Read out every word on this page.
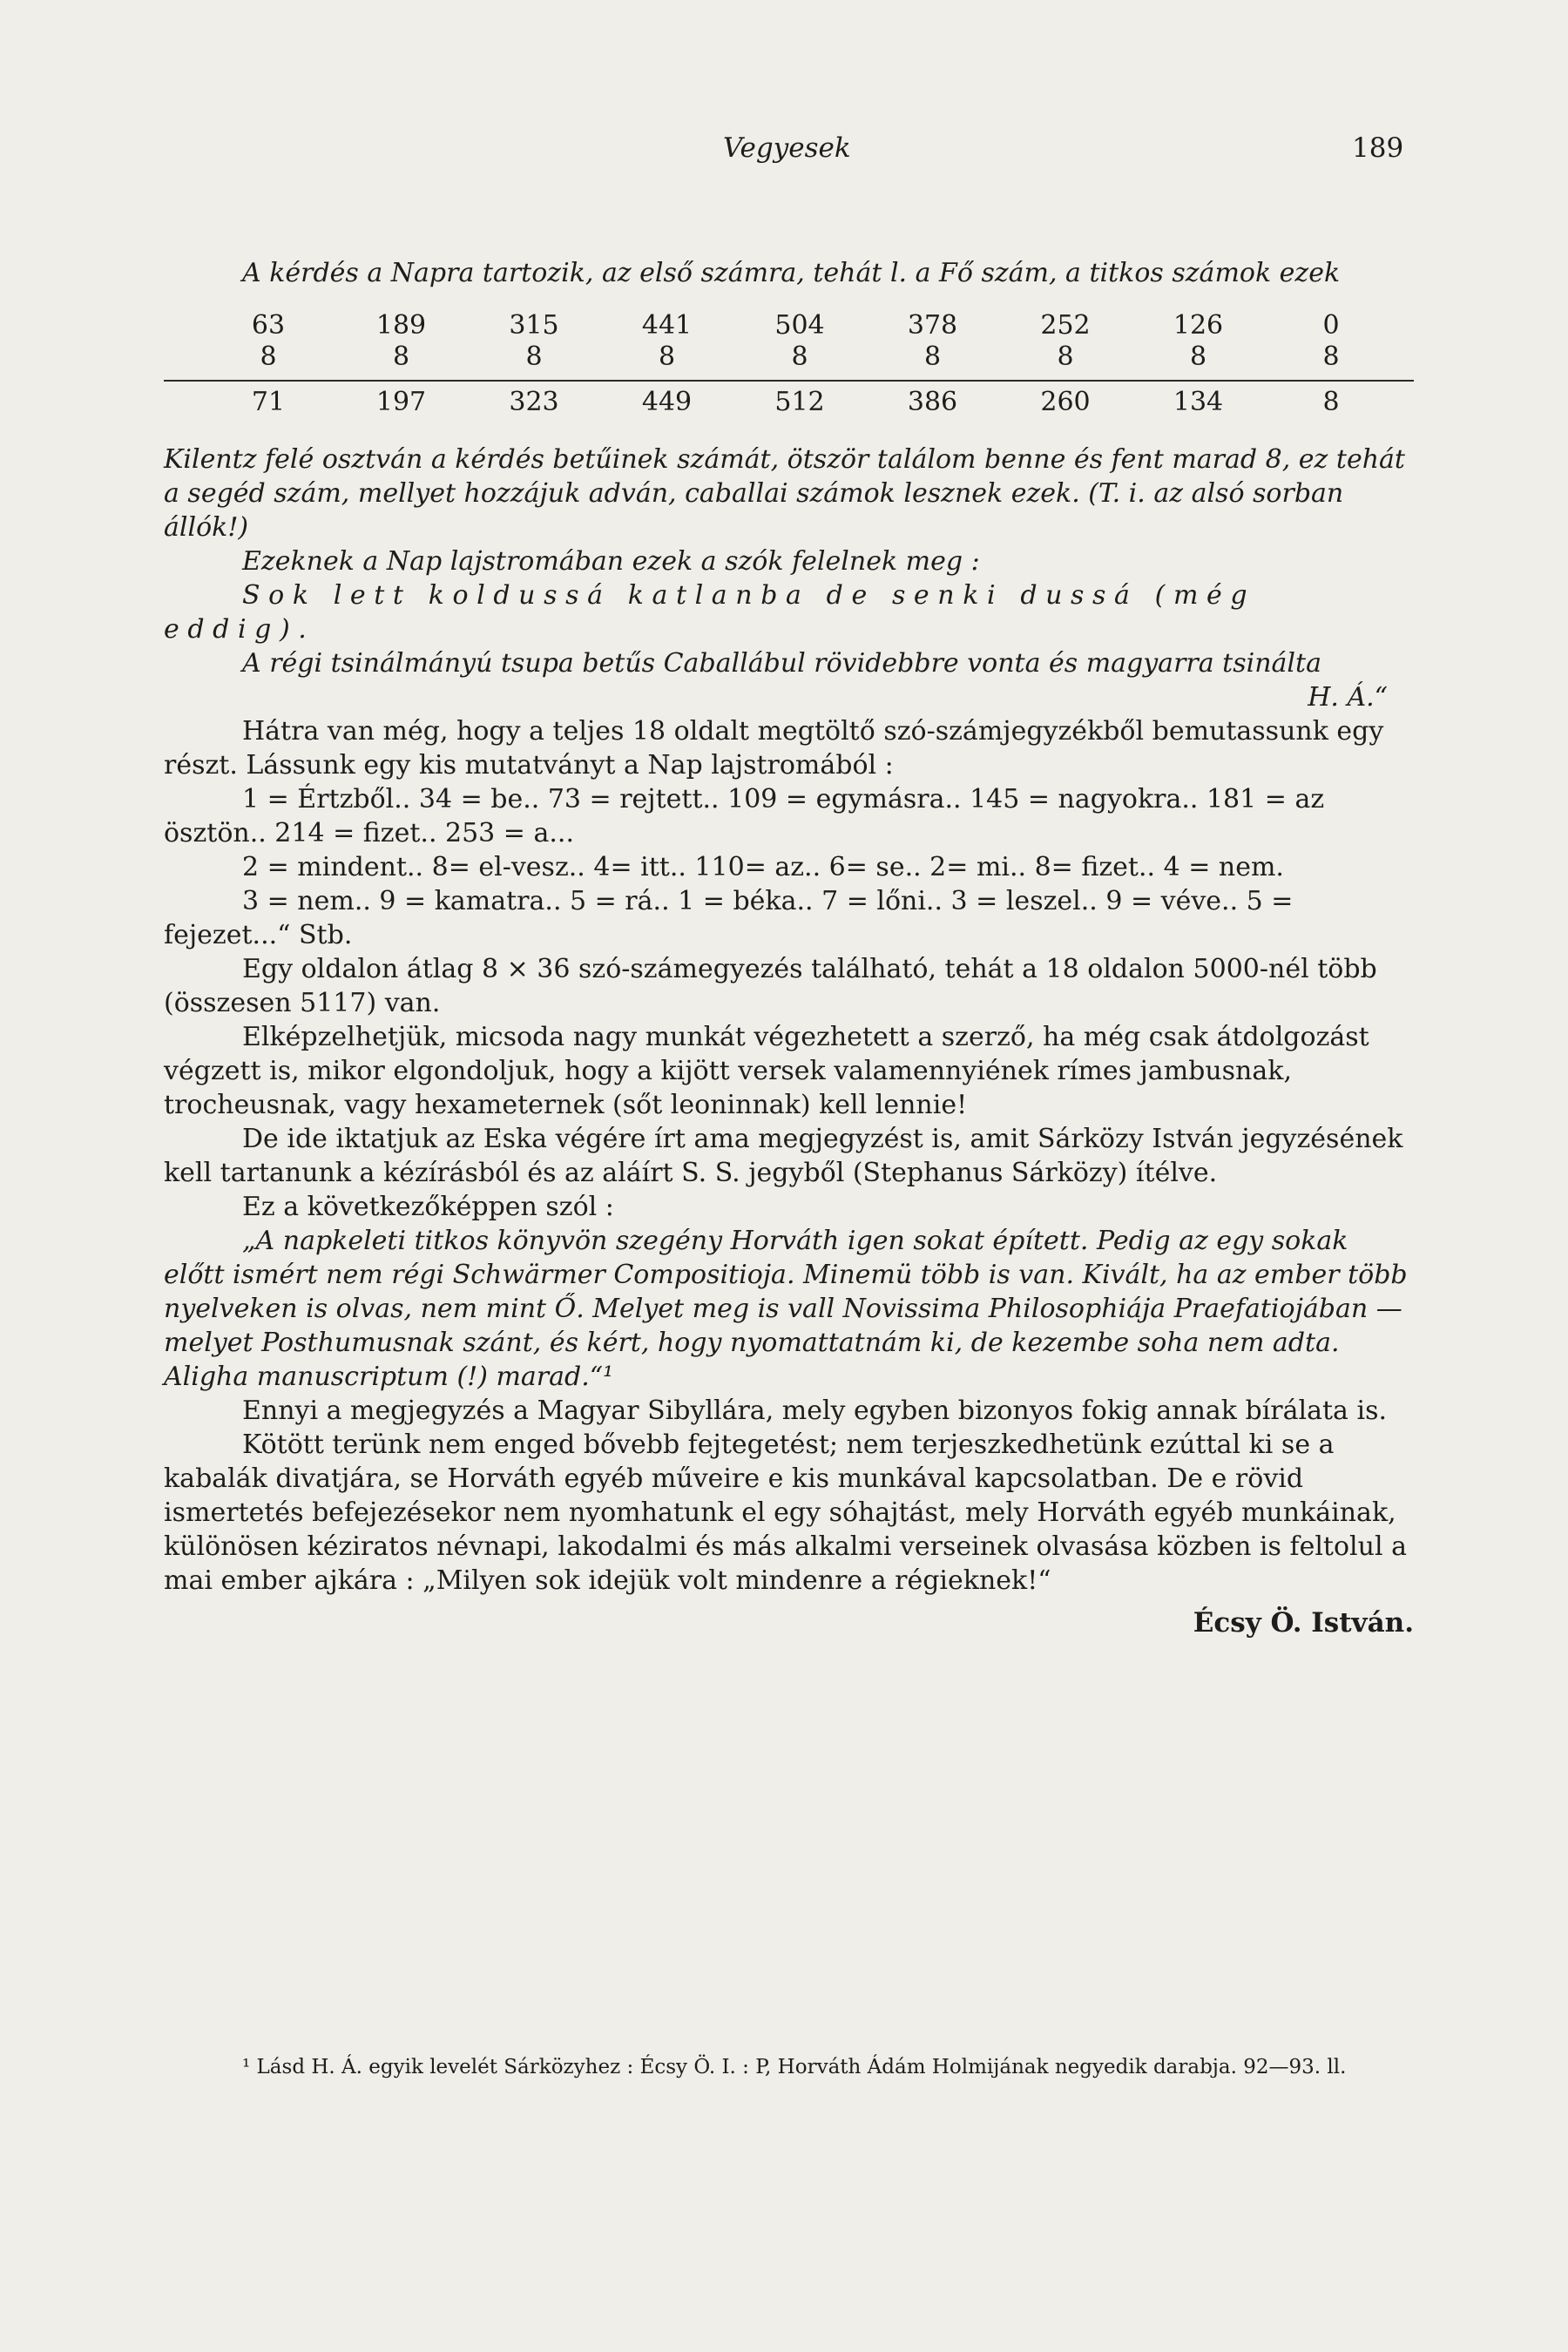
Vegyesek	189

A kérdés a Napra tartozik, az első számra, tehát l. a Fő szám, a titkos számok ezek

63	189	315	441	504	378	252	126	0
8	8	8	8	8	8	8	8	8
71	197	323	449	512	386	260	134	8

Kilentz felé osztván a kérdés betűinek számát, ötször találom benne és fent marad 8, ez tehát a segéd szám, mellyet hozzájuk adván, caballai számok lesznek ezek. (T. i. az alsó sorban állók!)

Ezeknek a Nap lajstromában ezek a szók felelnek meg :

Sok lett koldussá katlanba de senki dussá (még eddig).

A régi tsinálmányú tsupa betűs Caballábul rövidebbre vonta és magyarra tsinálta

H. Á.“

Hátra van még, hogy a teljes 18 oldalt megtöltő szó-számjegyzékből bemutassunk egy részt. Lássunk egy kis mutatványt a Nap lajstromából :

1 = Értzből.. 34 = be.. 73 = rejtett.. 109 = egymásra.. 145 = nagyokra.. 181 = az ösztön.. 214 = fizet.. 253 = a...

2 = mindent.. 8= el-vesz.. 4= itt.. 110= az.. 6= se.. 2= mi.. 8= fizet.. 4 = nem.

3 = nem.. 9 = kamatra.. 5 = rá.. 1 = béka.. 7 = lőni.. 3 = leszel.. 9 = véve.. 5 = fejezet...“ Stb.

Egy oldalon átlag 8 × 36 szó-számegyezés található, tehát a 18 oldalon 5000-nél több (összesen 5117) van.

Elképzelhetjük, micsoda nagy munkát végezhetett a szerző, ha még csak átdolgozást végzett is, mikor elgondoljuk, hogy a kijött versek valamennyiének rímes jambusnak, trocheusnak, vagy hexameternek (sőt leoninnak) kell lennie!

De ide iktatjuk az Eska végére írt ama megjegyzést is, amit Sárközy István jegyzésének kell tartanunk a kézírásból és az aláírt S. S. jegyből (Stephanus Sárközy) ítélve.

Ez a következőképpen szól :

„A napkeleti titkos könyvön szegény Horváth igen sokat épített. Pedig az egy sokak előtt ismért nem régi Schwärmer Compositioja. Minemü több is van. Kivált, ha az ember több nyelveken is olvas, nem mint Ő. Melyet meg is vall Novissima Philosophiája Praefatiojában — melyet Posthumusnak szánt, és kért, hogy nyomattatnám ki, de kezembe soha nem adta. Aligha manuscriptum (!) marad.“¹

Ennyi a megjegyzés a Magyar Sibyllára, mely egyben bizonyos fokig annak bírálata is.

Kötött terünk nem enged bővebb fejtegetést; nem terjeszkedhetünk ezúttal ki se a kabalák divatjára, se Horváth egyéb műveire e kis munkával kapcsolatban. De e rövid ismertetés befejezésekor nem nyomhatunk el egy sóhajtást, mely Horváth egyéb munkáinak, különösen kéziratos névnapi, lakodalmi és más alkalmi verseinek olvasása közben is feltolul a mai ember ajkára : „Milyen sok idejük volt mindenre a régieknek!“

Écsy Ö. István.

¹ Lásd H. Á. egyik levelét Sárközyhez : Écsy Ö. I. : P, Horváth Ádám Holmijának negyedik darabja. 92—93. ll.
